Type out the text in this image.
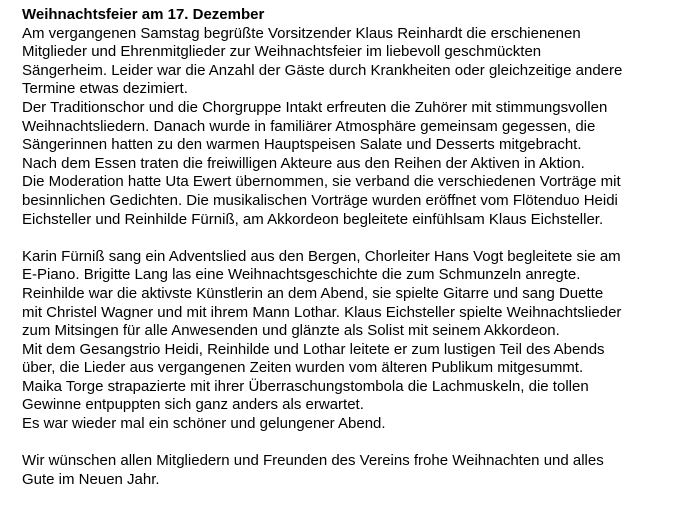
Weihnachtsfeier am 17. Dezember
Am vergangenen Samstag begrüßte Vorsitzender Klaus Reinhardt die erschienenen
Mitglieder und Ehrenmitglieder zur Weihnachtsfeier im liebevoll geschmückten
Sängerheim. Leider war die Anzahl der Gäste durch Krankheiten oder gleichzeitige andere
Termine etwas dezimiert.
Der Traditionschor und die Chorgruppe Intakt erfreuten die Zuhörer mit stimmungsvollen
Weihnachtsliedern. Danach wurde in familiärer Atmosphäre gemeinsam gegessen, die
Sängerinnen hatten zu den warmen Hauptspeisen Salate und Desserts mitgebracht.
Nach dem Essen traten die freiwilligen Akteure aus den Reihen der Aktiven in Aktion.
Die Moderation hatte Uta Ewert übernommen, sie verband die verschiedenen Vorträge mit
besinnlichen Gedichten. Die musikalischen Vorträge wurden eröffnet vom Flötenduo Heidi
Eichsteller und Reinhilde Fürniß, am Akkordeon begleitete einfühlsam Klaus Eichsteller.
Karin Fürniß sang ein Adventslied aus den Bergen, Chorleiter Hans Vogt begleitete sie am
E-Piano. Brigitte Lang las eine Weihnachtsgeschichte die zum Schmunzeln anregte.
Reinhilde war die aktivste Künstlerin an dem Abend, sie spielte Gitarre und sang Duette
mit Christel Wagner und mit ihrem Mann Lothar. Klaus Eichsteller spielte Weihnachtslieder
zum Mitsingen für alle Anwesenden und glänzte als Solist mit seinem Akkordeon.
Mit dem Gesangstrio Heidi, Reinhilde und Lothar leitete er zum lustigen Teil des Abends
über, die Lieder aus vergangenen Zeiten wurden vom älteren Publikum mitgesummt.
Maika Torge strapazierte mit ihrer Überraschungstombola die Lachmuskeln, die tollen
Gewinne entpuppten sich ganz anders als erwartet.
Es war wieder mal ein schöner und gelungener Abend.
Wir wünschen allen Mitgliedern und Freunden des Vereins frohe Weihnachten und alles
Gute im Neuen Jahr.
